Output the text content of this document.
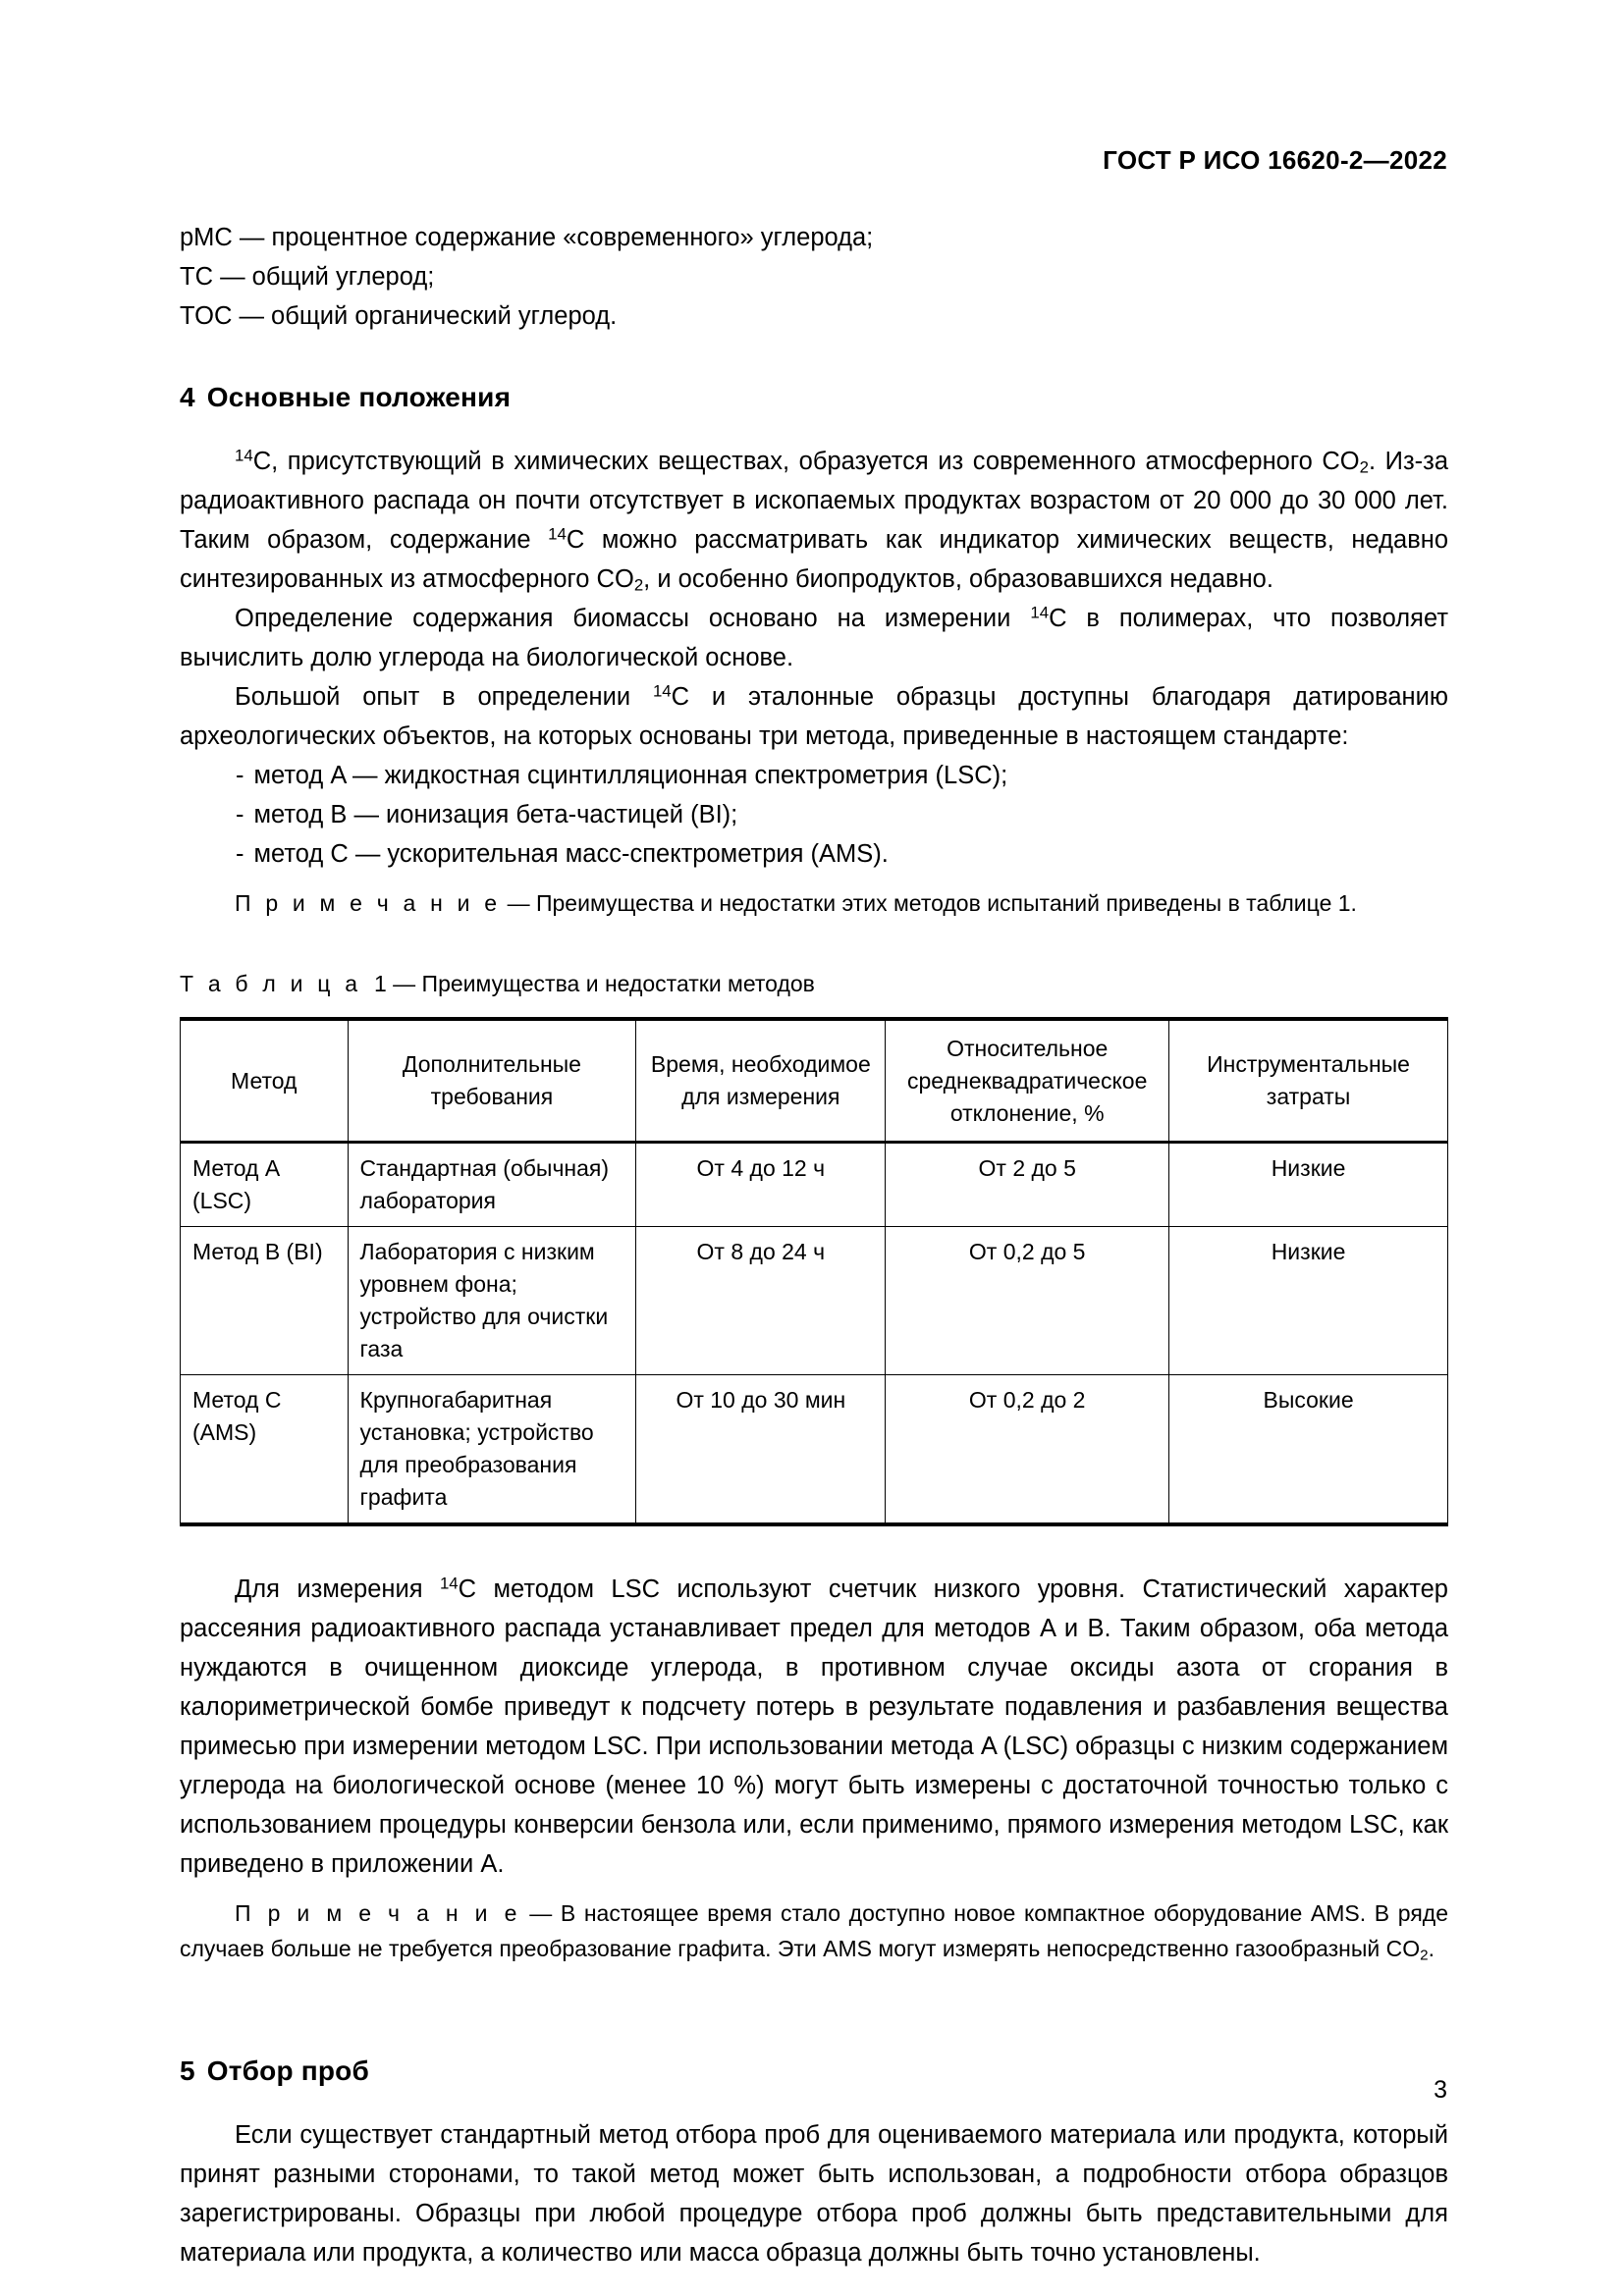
ГОСТ Р ИСО 16620-2—2022
pMC — процентное содержание «современного» углерода;
TC — общий углерод;
TOC — общий органический углерод.
4 Основные положения

$^{14}$C, присутствующий в химических веществах, образуется из современного атмосферного $CO_2$. Из-за радиоактивного распада он почти отсутствует в ископаемых продуктах возрастом от 20 000 до 30 000 лет. Таким образом, содержание $^{14}$C можно рассматривать как индикатор химических веществ, недавно синтезированных из атмосферного $CO_2$, и особенно биопродуктов, образовавшихся недавно.

Определение содержания биомассы основано на измерении $^{14}$C в полимерах, что позволяет вычислить долю углерода на биологической основе.

Большой опыт в определении $^{14}$C и эталонные образцы доступны благодаря датированию археологических объектов, на которых основаны три метода, приведенные в настоящем стандарте:

- метод A — жидкостная сцинтилляционная спектрометрия (LSC);
- метод B — ионизация бета-частицей (BI);
- метод C — ускорительная масс-спектрометрия (AMS).
П р и м е ч а н и е — Преимущества и недостатки этих методов испытаний приведены в таблице 1.
Т а б л и ц а 1 — Преимущества и недостатки методов
Метод	Дополнительные требования	Время, необходимое для измерения	Относительное среднеквадратическое отклонение, %	Инструментальные затраты
Метод A (LSC)	Стандартная (обычная) лаборатория	От 4 до 12 ч	От 2 до 5	Низкие
Метод B (BI)	Лаборатория с низким уровнем фона; устройство для очистки газа	От 8 до 24 ч	От 0,2 до 5	Низкие
Метод C (AMS)	Крупногабаритная установка; устройство для преобразования графита	От 10 до 30 мин	От 0,2 до 2	Высокие

Для измерения $^{14}$C методом LSC используют счетчик низкого уровня. Статистический характер рассеяния радиоактивного распада устанавливает предел для методов A и B. Таким образом, оба метода нуждаются в очищенном диоксиде углерода, в противном случае оксиды азота от сгорания в калориметрической бомбе приведут к подсчету потерь в результате подавления и разбавления вещества примесью при измерении методом LSC. При использовании метода A (LSC) образцы с низким содержанием углерода на биологической основе (менее 10 %) могут быть измерены с достаточной точностью только с использованием процедуры конверсии бензола или, если применимо, прямого измерения методом LSC, как приведено в приложении A.

П р и м е ч а н и е — В настоящее время стало доступно новое компактное оборудование AMS. В ряде случаев больше не требуется преобразование графита. Эти AMS могут измерять непосредственно газообразный $CO_2$.
5 Отбор проб

Если существует стандартный метод отбора проб для оцениваемого материала или продукта, который принят разными сторонами, то такой метод может быть использован, а подробности отбора образцов зарегистрированы. Образцы при любой процедуре отбора проб должны быть представительными для материала или продукта, а количество или масса образца должны быть точно установлены.

3
